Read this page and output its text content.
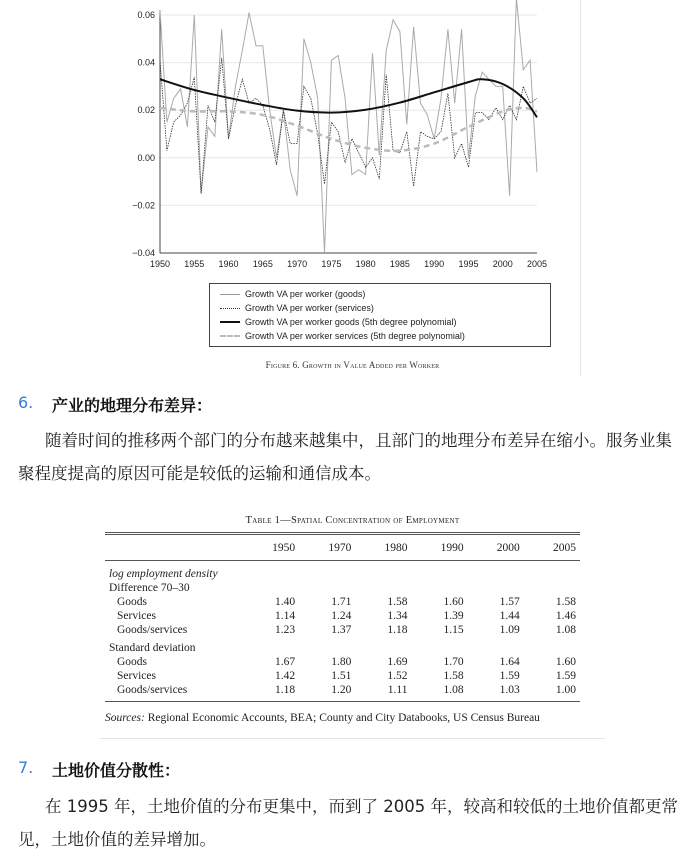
0.06
0.04
0.02
0.00
−0.02
−0.04
1950 1955 1960 1965 1970 1975 1980 1985 1990 1995 2000 2005
Growth VA per worker (goods)
Growth VA per worker (services)
Growth VA per worker goods (5th degree polynomial)
Growth VA per worker services (5th degree polynomial)
Figure 6. Growth in Value Added per Worker
6. 产业的地理分布差异：

随着时间的推移两个部门的分布越来越集中，且部门的地理分布差异在缩小。服务业集聚程度提高的原因可能是较低的运输和通信成本。

Table 1—Spatial Concentration of Employment
	1950	1970	1980	1990	2000	2005
log employment density						
Difference 70–30						
Goods	1.40	1.71	1.58	1.60	1.57	1.58
Services	1.14	1.24	1.34	1.39	1.44	1.46
Goods/services	1.23	1.37	1.18	1.15	1.09	1.08
Standard deviation						
Goods	1.67	1.80	1.69	1.70	1.64	1.60
Services	1.42	1.51	1.52	1.58	1.59	1.59
Goods/services	1.18	1.20	1.11	1.08	1.03	1.00
Sources: Regional Economic Accounts, BEA; County and City Databooks, US Census Bureau
7. 土地价值分散性：

在 1995 年，土地价值的分布更集中，而到了 2005 年，较高和较低的土地价值都更常见，土地价值的差异增加。
